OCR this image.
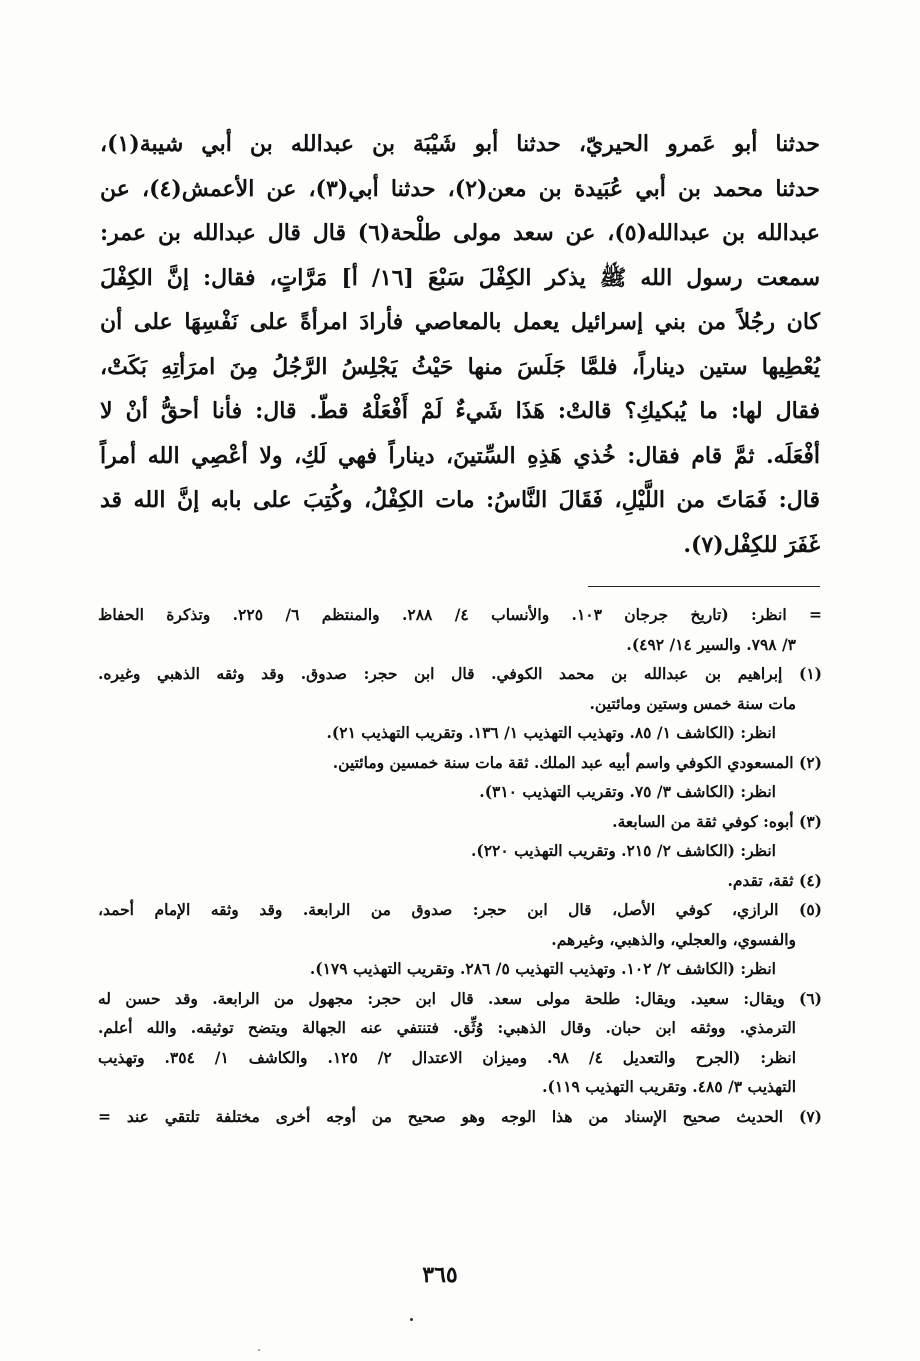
حدثنا أبو عَمرو الحيريّ، حدثنا أبو شَيْبَة بن عبدالله بن أبي شيبة(١)،
حدثنا محمد بن أبي عُبَيدة بن معن(٢)، حدثنا أبي(٣)، عن الأعمش(٤)، عن
عبدالله بن عبدالله(٥)، عن سعد مولى طلْحة(٦) قال قال عبدالله بن عمر:
سمعت رسول الله ﷺ يذكر الكِفْلَ سَبْعَ [١٦/ أ] مَرَّاتٍ، فقال: إنَّ الكِفْلَ
كان رجُلاً من بني إسرائيل يعمل بالمعاصي فأرادَ امرأةً على نَفْسِهَا على أن
يُعْطِيها ستين ديناراً، فلمَّا جَلَسَ منها حَيْثُ يَجْلِسُ الرَّجُلُ مِنَ امرَأتِهِ بَكَتْ،
فقال لها: ما يُبكيكِ؟ قالتْ: هَذَا شَيءٌ لَمْ أَفْعَلْهُ قطّ. قال: فأنا أحقُّ أنْ لا
أفْعَلَه. ثمَّ قام فقال: خُذي هَذِهِ السِّتينَ، ديناراً فهي لَكِ، ولا أعْصِي الله أمراً
قال: فَمَاتَ من اللَّيْلِ، فَقَالَ النَّاسُ: مات الكِفْلُ، وكُتِبَ على بابه إنَّ الله قد
غَفَرَ للكِفْل(٧).
= انظر: (تاريخ جرجان ١٠٣. والأنساب ٤/ ٢٨٨. والمنتظم ٦/ ٢٢٥. وتذكرة الحفاظ
٣/ ٧٩٨. والسير ١٤/ ٤٩٢).
(١) إبراهيم بن عبدالله بن محمد الكوفي. قال ابن حجر: صدوق. وقد وثقه الذهبي وغيره.
مات سنة خمس وستين ومائتين.
انظر: (الكاشف ١/ ٨٥. وتهذيب التهذيب ١/ ١٣٦. وتقريب التهذيب ٢١).
(٢) المسعودي الكوفي واسم أبيه عبد الملك. ثقة مات سنة خمسين ومائتين.
انظر: (الكاشف ٣/ ٧٥. وتقريب التهذيب ٣١٠).
(٣) أبوه: كوفي ثقة من السابعة.
انظر: (الكاشف ٢/ ٢١٥. وتقريب التهذيب ٢٢٠).
(٤) ثقة، تقدم.
(٥) الرازي، كوفي الأصل، قال ابن حجر: صدوق من الرابعة. وقد وثقه الإمام أحمد،
والفسوي، والعجلي، والذهبي، وغيرهم.
انظر: (الكاشف ٢/ ١٠٢. وتهذيب التهذيب ٥/ ٢٨٦. وتقريب التهذيب ١٧٩).
(٦) ويقال: سعيد. ويقال: طلحة مولى سعد. قال ابن حجر: مجهول من الرابعة. وقد حسن له
الترمذي. ووثقه ابن حبان. وقال الذهبي: وُثِّق. فتنتفي عنه الجهالة ويتضح توثيقه. والله أعلم.
انظر: (الجرح والتعديل ٤/ ٩٨. وميزان الاعتدال ٢/ ١٢٥. والكاشف ١/ ٣٥٤. وتهذيب
التهذيب ٣/ ٤٨٥. وتقريب التهذيب ١١٩).
(٧) الحديث صحيح الإسناد من هذا الوجه وهو صحيح من أوجه أخرى مختلفة تلتقي عند =
٣٦٥
